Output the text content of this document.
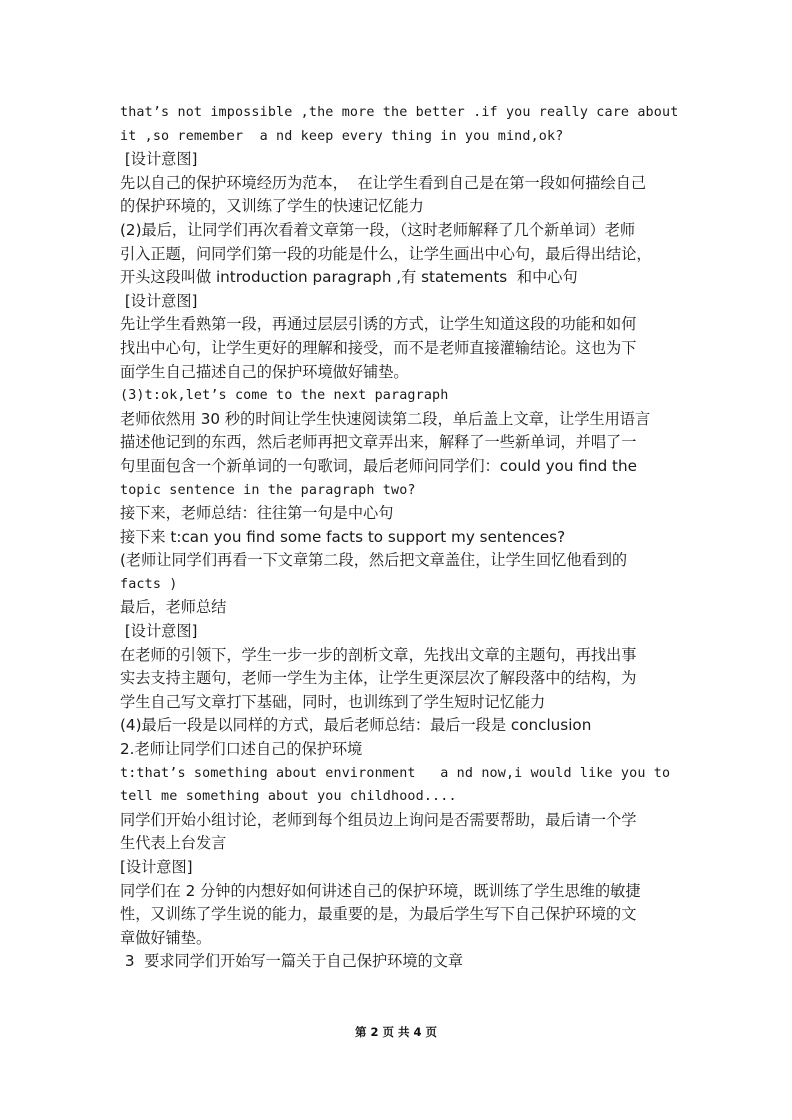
that’s not impossible ,the more the better .if you really care about
it ,so remember  a nd keep every thing in you mind,ok?
[设计意图]
先以自己的保护环境经历为范本，  在让学生看到自己是在第一段如何描绘自己
的保护环境的，又训练了学生的快速记忆能力
(2)最后，让同学们再次看着文章第一段，（这时老师解释了几个新单词）老师
引入正题，问同学们第一段的功能是什么，让学生画出中心句，最后得出结论，
开头这段叫做 introduction paragraph ,有 statements  和中心句
[设计意图]
先让学生看熟第一段，再通过层层引诱的方式，让学生知道这段的功能和如何
找出中心句，让学生更好的理解和接受，而不是老师直接灌输结论。这也为下
面学生自己描述自己的保护环境做好铺垫。
(3)t:ok,let’s come to the next paragraph
老师依然用 30 秒的时间让学生快速阅读第二段，单后盖上文章，让学生用语言
描述他记到的东西，然后老师再把文章弄出来，解释了一些新单词，并唱了一
句里面包含一个新单词的一句歌词，最后老师问同学们：could you find the
topic sentence in the paragraph two?
接下来，老师总结：往往第一句是中心句
接下来 t:can you find some facts to support my sentences?
(老师让同学们再看一下文章第二段，然后把文章盖住，让学生回忆他看到的
facts )
最后，老师总结
[设计意图]
在老师的引领下，学生一步一步的剖析文章，先找出文章的主题句，再找出事
实去支持主题句，老师一学生为主体，让学生更深层次了解段落中的结构，为
学生自己写文章打下基础，同时，也训练到了学生短时记忆能力
(4)最后一段是以同样的方式，最后老师总结：最后一段是 conclusion
2.老师让同学们口述自己的保护环境
t:that’s something about environment   a nd now,i would like you to
tell me something about you childhood....
同学们开始小组讨论，老师到每个组员边上询问是否需要帮助，最后请一个学
生代表上台发言
[设计意图]
同学们在 2 分钟的内想好如何讲述自己的保护环境，既训练了学生思维的敏捷
性，又训练了学生说的能力，最重要的是，为最后学生写下自己保护环境的文
章做好铺垫。
3  要求同学们开始写一篇关于自己保护环境的文章
第 2 页 共 4 页
